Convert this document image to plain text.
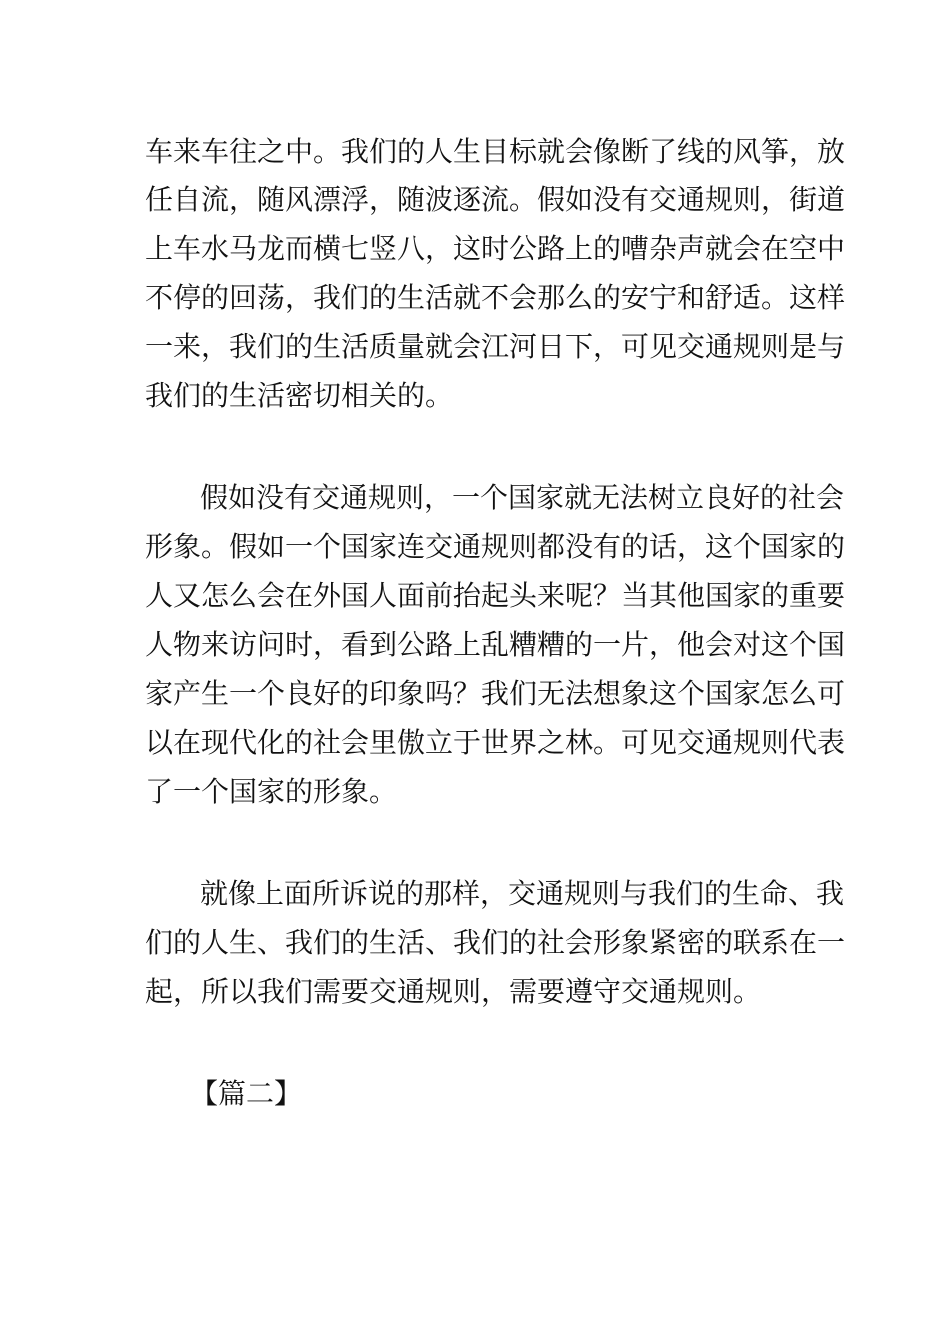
车来车往之中。我们的人生目标就会像断了线的风筝，放
任自流，随风漂浮，随波逐流。假如没有交通规则，街道
上车水马龙而横七竖八，这时公路上的嘈杂声就会在空中
不停的回荡，我们的生活就不会那么的安宁和舒适。这样
一来，我们的生活质量就会江河日下，可见交通规则是与
我们的生活密切相关的。
假如没有交通规则，一个国家就无法树立良好的社会
形象。假如一个国家连交通规则都没有的话，这个国家的
人又怎么会在外国人面前抬起头来呢？当其他国家的重要
人物来访问时，看到公路上乱糟糟的一片，他会对这个国
家产生一个良好的印象吗？我们无法想象这个国家怎么可
以在现代化的社会里傲立于世界之林。可见交通规则代表
了一个国家的形象。
就像上面所诉说的那样，交通规则与我们的生命、我
们的人生、我们的生活、我们的社会形象紧密的联系在一
起，所以我们需要交通规则，需要遵守交通规则。
【篇二】
